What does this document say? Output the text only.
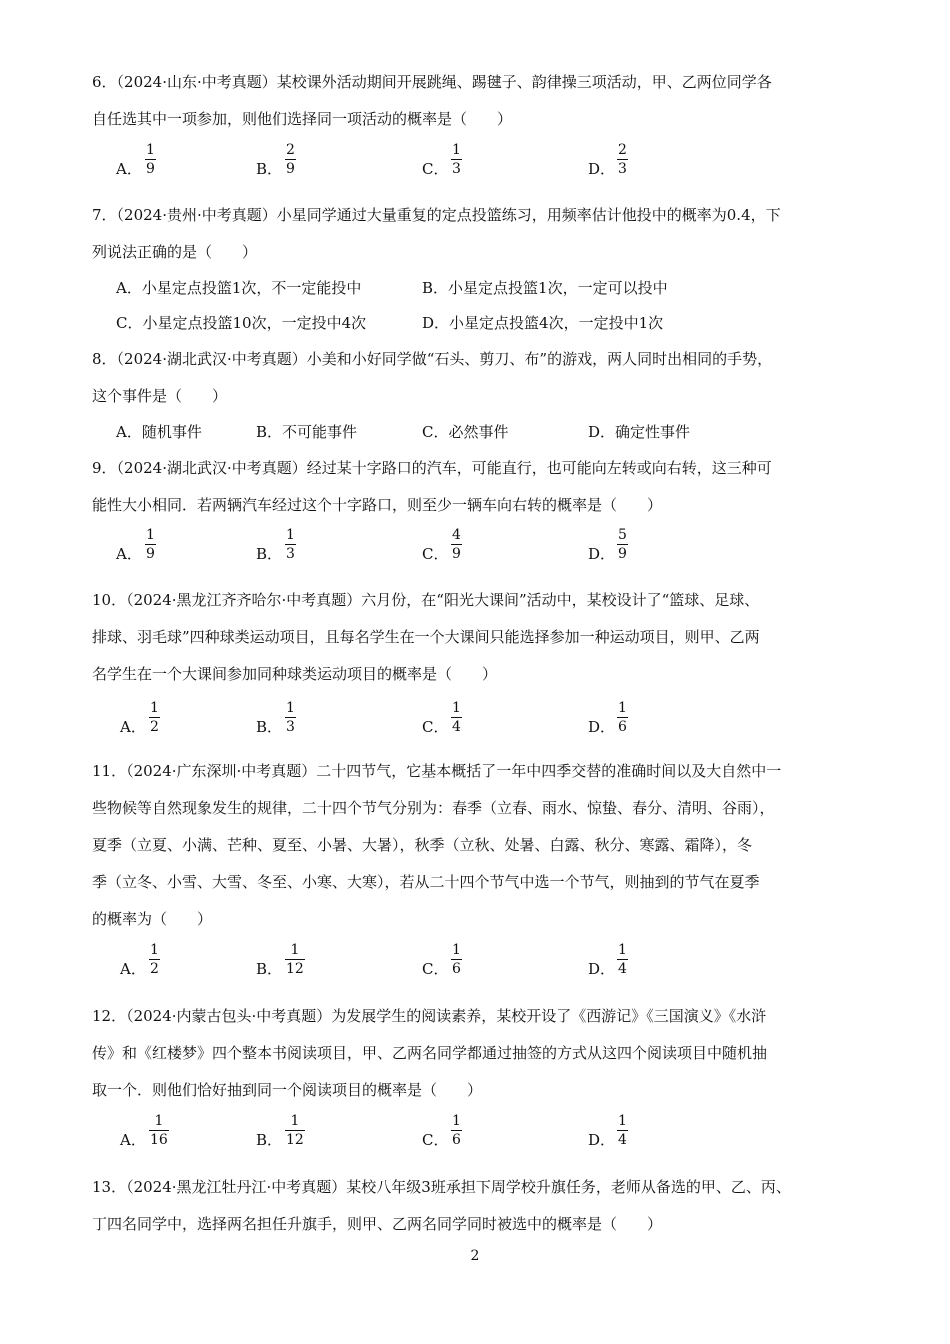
6．（2024·山东·中考真题）某校课外活动期间开展跳绳、踢毽子、韵律操三项活动，甲、乙两位同学各
自任选其中一项参加，则他们选择同一项活动的概率是（　　）
A．
1
9	B．
2
9	C．
1
3	D．
2
3
7．（2024·贵州·中考真题）小星同学通过大量重复的定点投篮练习，用频率估计他投中的概率为0.4，下
列说法正确的是（　　）
A．小星定点投篮1次，不一定能投中	B．小星定点投篮1次，一定可以投中
C．小星定点投篮10次，一定投中4次	D．小星定点投篮4次，一定投中1次
8．（2024·湖北武汉·中考真题）小美和小好同学做“石头、剪刀、布”的游戏，两人同时出相同的手势，
这个事件是（　　）
A．随机事件	B．不可能事件	C．必然事件	D．确定性事件
9．（2024·湖北武汉·中考真题）经过某十字路口的汽车，可能直行，也可能向左转或向右转，这三种可
能性大小相同．若两辆汽车经过这个十字路口，则至少一辆车向右转的概率是（　　）
A．
1
9	B．
1
3	C．
4
9	D．
5
9
10．（2024·黑龙江齐齐哈尔·中考真题）六月份，在“阳光大课间”活动中，某校设计了“篮球、足球、
排球、羽毛球”四种球类运动项目，且每名学生在一个大课间只能选择参加一种运动项目，则甲、乙两
名学生在一个大课间参加同种球类运动项目的概率是（　　）
A．
1
2	B．
1
3	C．
1
4	D．
1
6
11．（2024·广东深圳·中考真题）二十四节气，它基本概括了一年中四季交替的准确时间以及大自然中一
些物候等自然现象发生的规律，二十四个节气分别为：春季（立春、雨水、惊蛰、春分、清明、谷雨），
夏季（立夏、小满、芒种、夏至、小暑、大暑），秋季（立秋、处暑、白露、秋分、寒露、霜降），冬
季（立冬、小雪、大雪、冬至、小寒、大寒），若从二十四个节气中选一个节气，则抽到的节气在夏季
的概率为（　　）
A．
1
2	B．
1
12	C．
1
6	D．
1
4
12．（2024·内蒙古包头·中考真题）为发展学生的阅读素养，某校开设了《西游记》《三国演义》《水浒
传》和《红楼梦》四个整本书阅读项目，甲、乙两名同学都通过抽签的方式从这四个阅读项目中随机抽
取一个．则他们恰好抽到同一个阅读项目的概率是（　　）
A．
1
16	B．
1
12	C．
1
6	D．
1
4
13．（2024·黑龙江牡丹江·中考真题）某校八年级3班承担下周学校升旗任务，老师从备选的甲、乙、丙、
丁四名同学中，选择两名担任升旗手，则甲、乙两名同学同时被选中的概率是（　　）
2
